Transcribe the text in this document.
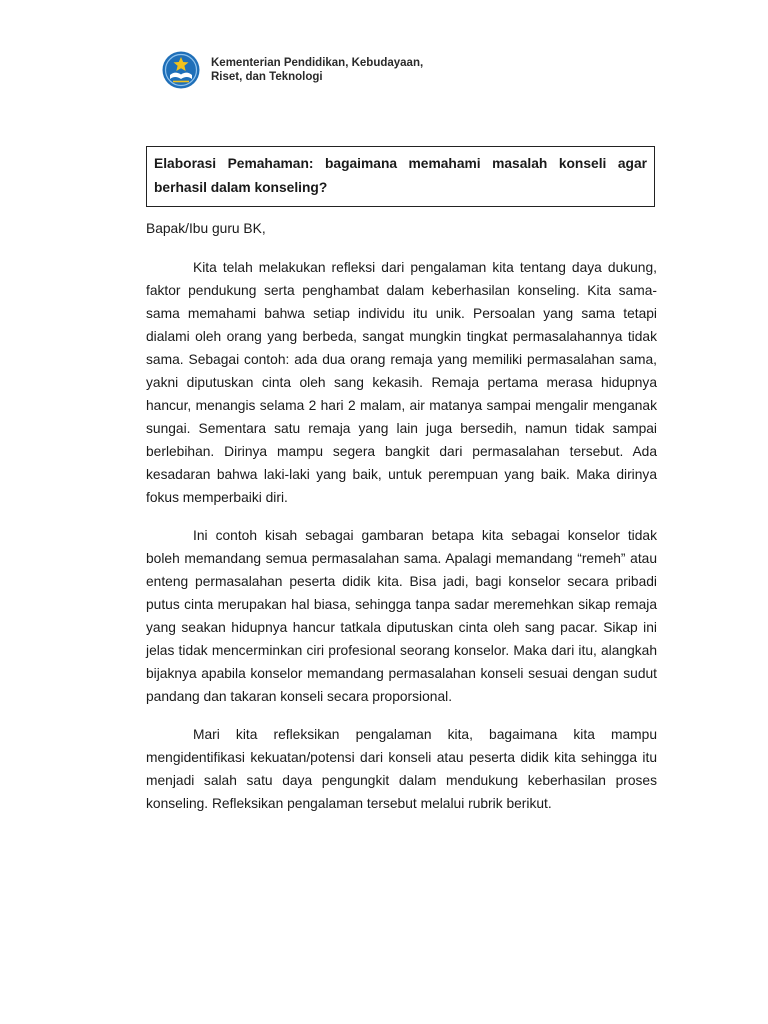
Kementerian Pendidikan, Kebudayaan,
Riset, dan Teknologi
Elaborasi Pemahaman: bagaimana memahami masalah konseli agar berhasil dalam konseling?

Bapak/Ibu guru BK,

Kita telah melakukan refleksi dari pengalaman kita tentang daya dukung, faktor pendukung serta penghambat dalam keberhasilan konseling. Kita sama-sama memahami bahwa setiap individu itu unik. Persoalan yang sama tetapi dialami oleh orang yang berbeda, sangat mungkin tingkat permasalahannya tidak sama. Sebagai contoh: ada dua orang remaja yang memiliki permasalahan sama, yakni diputuskan cinta oleh sang kekasih. Remaja pertama merasa hidupnya hancur, menangis selama 2 hari 2 malam, air matanya sampai mengalir menganak sungai. Sementara satu remaja yang lain juga bersedih, namun tidak sampai berlebihan. Dirinya mampu segera bangkit dari permasalahan tersebut. Ada kesadaran bahwa laki-laki yang baik, untuk perempuan yang baik. Maka dirinya fokus memperbaiki diri.

Ini contoh kisah sebagai gambaran betapa kita sebagai konselor tidak boleh memandang semua permasalahan sama. Apalagi memandang “remeh” atau enteng permasalahan peserta didik kita. Bisa jadi, bagi konselor secara pribadi putus cinta merupakan hal biasa, sehingga tanpa sadar meremehkan sikap remaja yang seakan hidupnya hancur tatkala diputuskan cinta oleh sang pacar. Sikap ini jelas tidak mencerminkan ciri profesional seorang konselor. Maka dari itu, alangkah bijaknya apabila konselor memandang permasalahan konseli sesuai dengan sudut pandang dan takaran konseli secara proporsional.

Mari kita refleksikan pengalaman kita, bagaimana kita mampu mengidentifikasi kekuatan/potensi dari konseli atau peserta didik kita sehingga itu menjadi salah satu daya pengungkit dalam mendukung keberhasilan proses konseling. Refleksikan pengalaman tersebut melalui rubrik berikut.
